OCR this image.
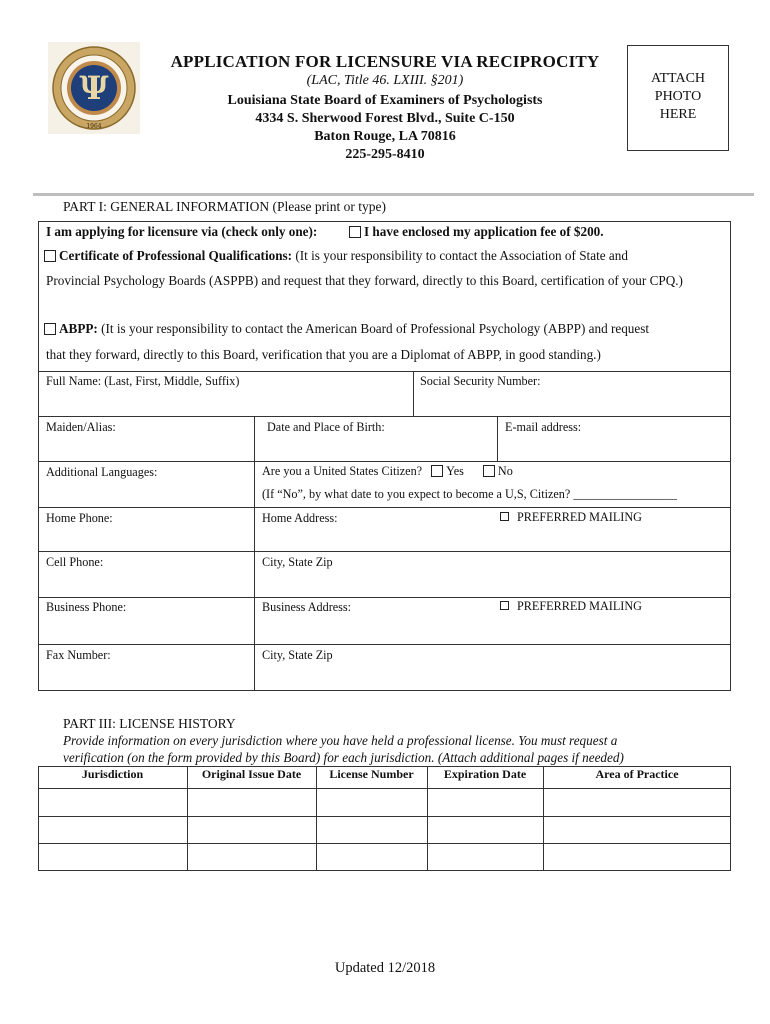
Ψ
1964
APPLICATION FOR LICENSURE VIA RECIPROCITY
(LAC, Title 46. LXIII. §201)
Louisiana State Board of Examiners of Psychologists
4334 S. Sherwood Forest Blvd., Suite C-150
Baton Rouge, LA 70816
225-295-8410
ATTACH
PHOTO
HERE
PART I: GENERAL INFORMATION (Please print or type)
I am applying for licensure via (check only one):	I have enclosed my application fee of $200.
Certificate of Professional Qualifications: (It is your responsibility to contact the Association of State and
Provincial Psychology Boards (ASPPB) and request that they forward, directly to this Board, certification of your CPQ.)
ABPP: (It is your responsibility to contact the American Board of Professional Psychology (ABPP) and request
that they forward, directly to this Board, verification that you are a Diplomat of ABPP, in good standing.)
Full Name: (Last, First, Middle, Suffix)	Social Security Number:
Maiden/Alias:	Date and Place of Birth:	E-mail address:
Additional Languages:	Are you a United States Citizen? Yes	No
(If “No”, by what date to you expect to become a U,S, Citizen? _________________
Home Phone:	Home Address:	PREFERRED MAILING
Cell Phone:	City, State Zip
Business Phone:	Business Address:	PREFERRED MAILING
Fax Number:	City, State Zip
PART III: LICENSE HISTORY
Provide information on every jurisdiction where you have held a professional license. You must request a
verification (on the form provided by this Board) for each jurisdiction. (Attach additional pages if needed)
Jurisdiction	Original Issue Date	License Number	Expiration Date	Area of Practice
Updated 12/2018
